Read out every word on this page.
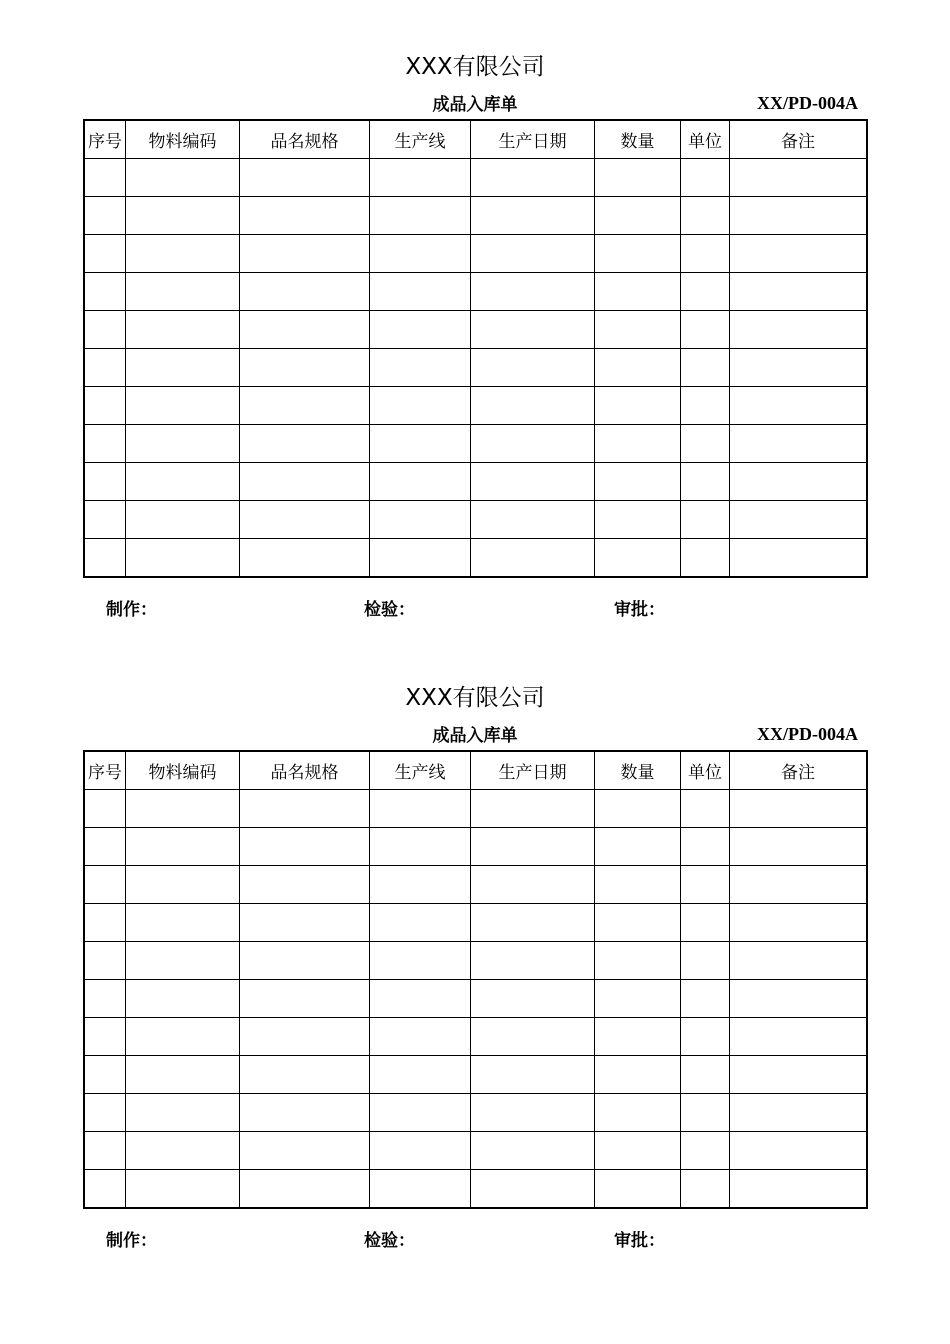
XXX有限公司
成品入库单	XX/PD-004A
序号	物料编码	品名规格	生产线	生产日期	数量	单位	备注

制作：	检验：	审批：
XXX有限公司
成品入库单	XX/PD-004A
序号	物料编码	品名规格	生产线	生产日期	数量	单位	备注

制作：	检验：	审批：
